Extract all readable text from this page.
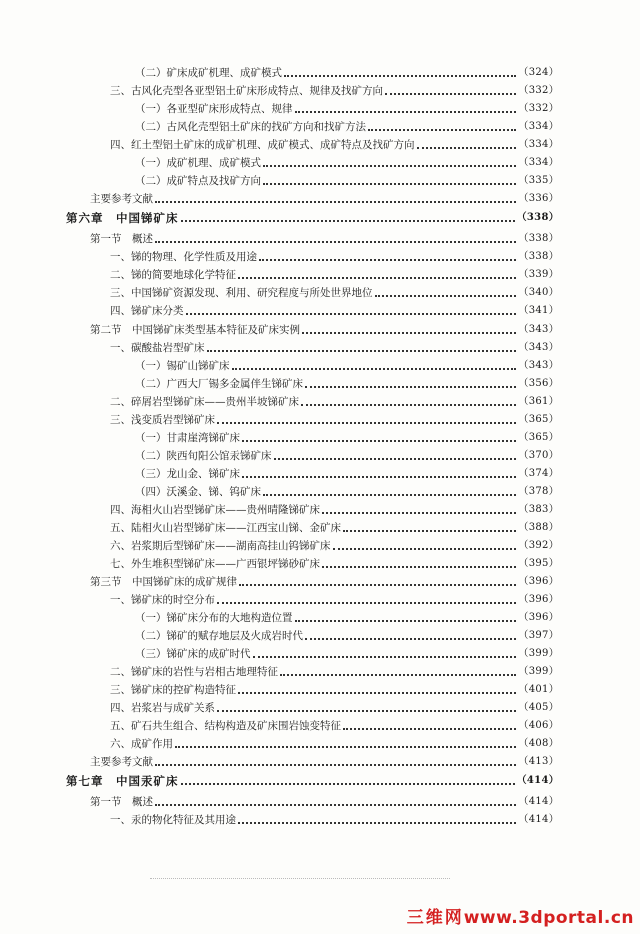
（二）矿床成矿机理、成矿模式	（324）
三、古风化壳型各亚型铝土矿床形成特点、规律及找矿方向	（332）
（一）各亚型矿床形成特点、规律	（332）
（二）古风化壳型铝土矿床的找矿方向和找矿方法	（334）
四、红土型铝土矿床的成矿机理、成矿模式、成矿特点及找矿方向	（334）
（一）成矿机理、成矿模式	（334）
（二）成矿特点及找矿方向	（335）
主要参考文献	（336）
第六章　中国锑矿床	（338）
第一节　概述	（338）
一、锑的物理、化学性质及用途	（338）
二、锑的简要地球化学特征	（339）
三、中国锑矿资源发现、利用、研究程度与所处世界地位	（340）
四、锑矿床分类	（341）
第二节　中国锑矿床类型基本特征及矿床实例	（343）
一、碳酸盐岩型矿床	（343）
（一）锡矿山锑矿床	（343）
（二）广西大厂锡多金属伴生锑矿床	（356）
二、碎屑岩型锑矿床——贵州半坡锑矿床	（361）
三、浅变质岩型锑矿床	（365）
（一）甘肃崖湾锑矿床	（365）
（二）陕西旬阳公馆汞锑矿床	（370）
（三）龙山金、锑矿床	（374）
（四）沃溪金、锑、钨矿床	（378）
四、海相火山岩型锑矿床——贵州晴隆锑矿床	（383）
五、陆相火山岩型锑矿床——江西宝山锑、金矿床	（388）
六、岩浆期后型锑矿床——湖南高挂山钨锑矿床	（392）
七、外生堆积型锑矿床——广西银坪锑砂矿床	（395）
第三节　中国锑矿床的成矿规律	（396）
一、锑矿床的时空分布	（396）
（一）锑矿床分布的大地构造位置	（396）
（二）锑矿的赋存地层及火成岩时代	（397）
（三）锑矿床的成矿时代	（399）
二、锑矿床的岩性与岩相古地理特征	（399）
三、锑矿床的控矿构造特征	（401）
四、岩浆岩与成矿关系	（405）
五、矿石共生组合、结构构造及矿床围岩蚀变特征	（406）
六、成矿作用	（408）
主要参考文献	（413）
第七章　中国汞矿床	（414）
第一节　概述	（414）
一、汞的物化特征及其用途	（414）
三维网www.3dportal.cn
